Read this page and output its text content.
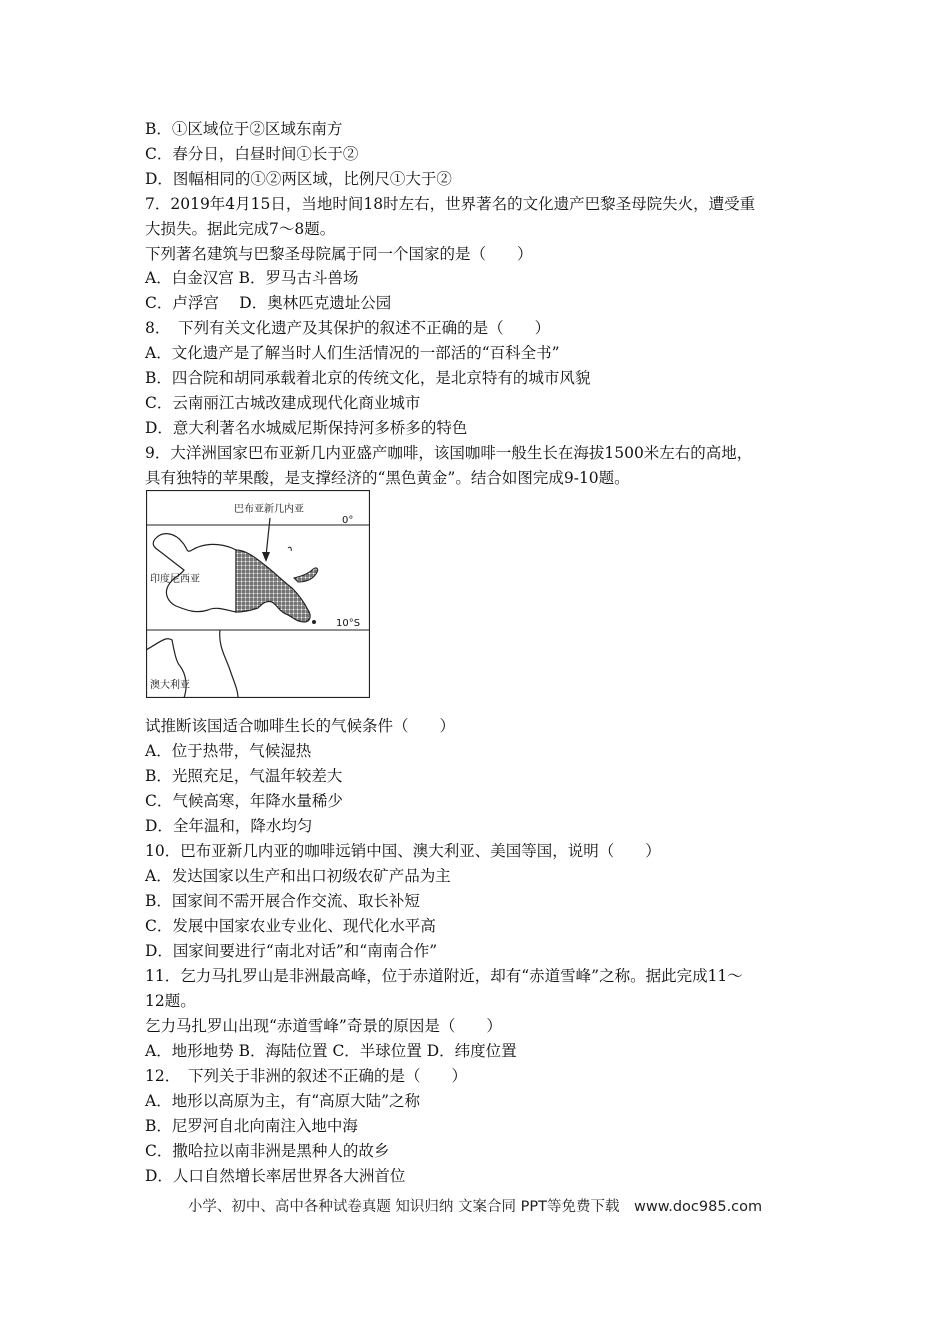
B．①区域位于②区域东南方
C．春分日，白昼时间①长于②
D．图幅相同的①②两区域，比例尺①大于②
7．2019年4月15日，当地时间18时左右，世界著名的文化遗产巴黎圣母院失火，遭受重
大损失。据此完成7～8题。
下列著名建筑与巴黎圣母院属于同一个国家的是（　　）
A．白金汉宫 B．罗马古斗兽场
C．卢浮宫　 D．奥林匹克遗址公园
8．　下列有关文化遗产及其保护的叙述不正确的是（　　）
A．文化遗产是了解当时人们生活情况的一部活的“百科全书”
B．四合院和胡同承载着北京的传统文化，是北京特有的城市风貌
C．云南丽江古城改建成现代化商业城市
D．意大利著名水城威尼斯保持河多桥多的特色
9．大洋洲国家巴布亚新几内亚盛产咖啡，该国咖啡一般生长在海拔1500米左右的高地，
具有独特的苹果酸，是支撑经济的“黑色黄金”。结合如图完成9-10题。
巴布亚新几内亚
0°
印度尼西亚
10°S
澳大利亚
试推断该国适合咖啡生长的气候条件（　　）
A．位于热带，气候湿热
B．光照充足，气温年较差大
C．气候高寒，年降水量稀少
D．全年温和，降水均匀
10．巴布亚新几内亚的咖啡远销中国、澳大利亚、美国等国，说明（　　）
A．发达国家以生产和出口初级农矿产品为主
B．国家间不需开展合作交流、取长补短
C．发展中国家农业专业化、现代化水平高
D．国家间要进行“南北对话”和“南南合作”
11．乞力马扎罗山是非洲最高峰，位于赤道附近，却有“赤道雪峰”之称。据此完成11～
12题。
乞力马扎罗山出现“赤道雪峰”奇景的原因是（　　）
A．地形地势 B．海陆位置 C．半球位置 D．纬度位置
12．　下列关于非洲的叙述不正确的是（　　）
A．地形以高原为主，有“高原大陆”之称
B．尼罗河自北向南注入地中海
C．撒哈拉以南非洲是黑种人的故乡
D．人口自然增长率居世界各大洲首位
小学、初中、高中各种试卷真题 知识归纳 文案合同 PPT等免费下载　www.doc985.com
